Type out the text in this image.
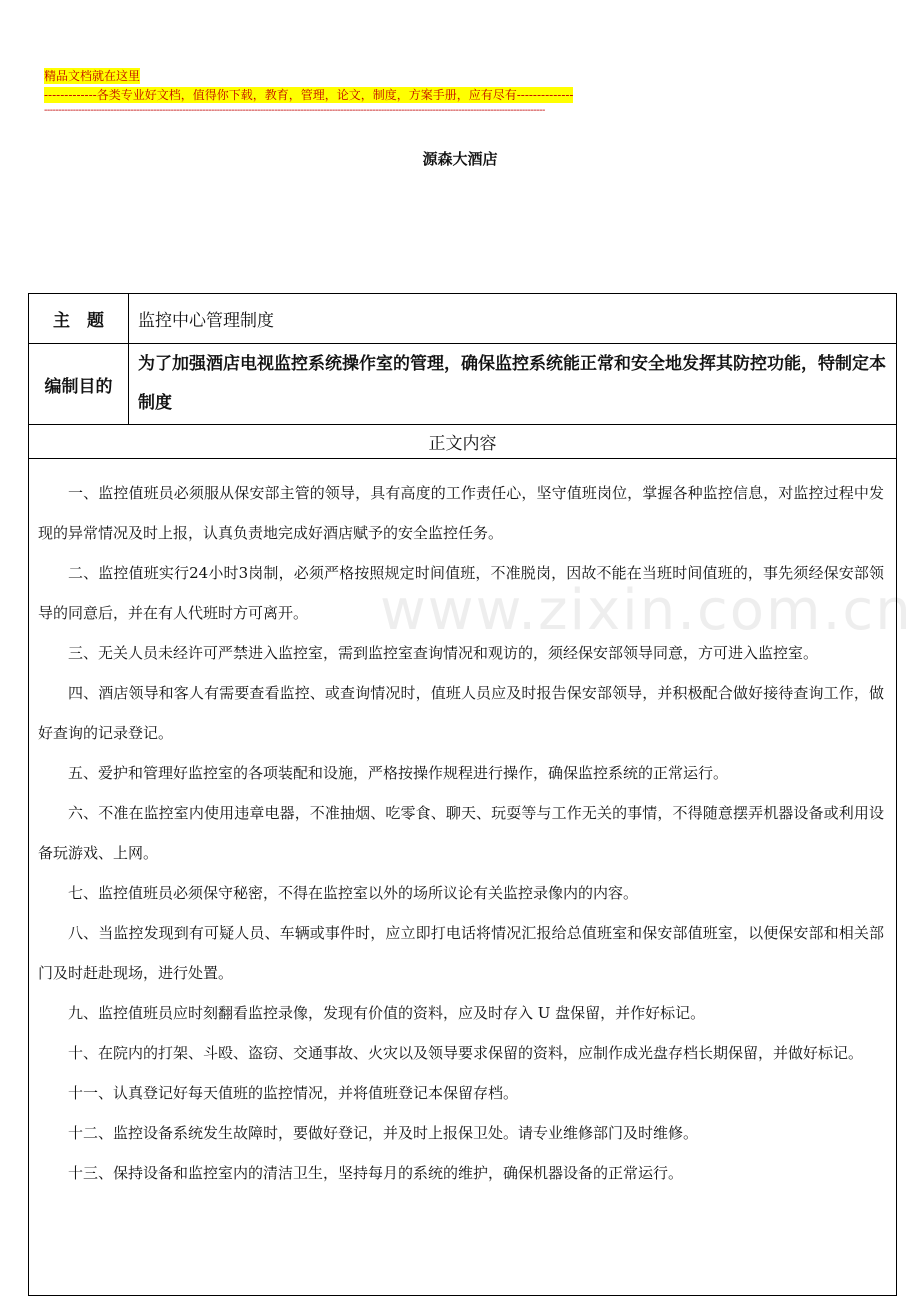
精品文档就在这里
-------------各类专业好文档，值得你下载，教育，管理，论文，制度，方案手册，应有尽有--------------
------------------------------------------------------------------------------------------------------------------------------------------------------------------------------
源森大酒店
www.zixin.com.cn
主　题	监控中心管理制度
编制目的
为了加强酒店电视监控系统操作室的管理，确保监控系统能正常和安全地发挥其防控功能，特制定本制度
正文内容

一、监控值班员必须服从保安部主管的领导，具有高度的工作责任心，坚守值班岗位，掌握各种监控信息，对监控过程中发现的异常情况及时上报，认真负责地完成好酒店赋予的安全监控任务。

二、监控值班实行24小时3岗制，必须严格按照规定时间值班，不准脱岗，因故不能在当班时间值班的，事先须经保安部领导的同意后，并在有人代班时方可离开。

三、无关人员未经许可严禁进入监控室，需到监控室查询情况和观访的，须经保安部领导同意，方可进入监控室。

四、酒店领导和客人有需要查看监控、或查询情况时，值班人员应及时报告保安部领导，并积极配合做好接待查询工作，做好查询的记录登记。

五、爱护和管理好监控室的各项装配和设施，严格按操作规程进行操作，确保监控系统的正常运行。

六、不准在监控室内使用违章电器，不准抽烟、吃零食、聊天、玩耍等与工作无关的事情，不得随意摆弄机器设备或利用设备玩游戏、上网。

七、监控值班员必须保守秘密，不得在监控室以外的场所议论有关监控录像内的内容。

八、当监控发现到有可疑人员、车辆或事件时，应立即打电话将情况汇报给总值班室和保安部值班室，以便保安部和相关部门及时赶赴现场，进行处置。

九、监控值班员应时刻翻看监控录像，发现有价值的资料，应及时存入 U 盘保留，并作好标记。

十、在院内的打架、斗殴、盗窃、交通事故、火灾以及领导要求保留的资料，应制作成光盘存档长期保留，并做好标记。

十一、认真登记好每天值班的监控情况，并将值班登记本保留存档。

十二、监控设备系统发生故障时，要做好登记，并及时上报保卫处。请专业维修部门及时维修。

十三、保持设备和监控室内的清洁卫生，坚持每月的系统的维护，确保机器设备的正常运行。
